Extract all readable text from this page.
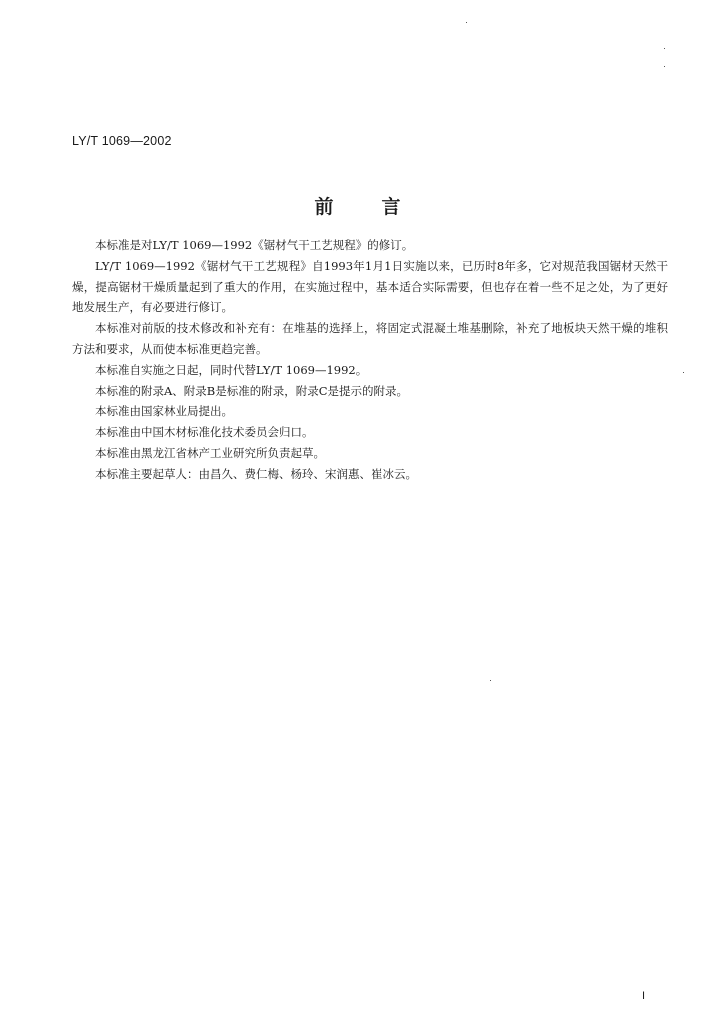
LY/T 1069—2002
前言

本标准是对LY/T 1069—1992《锯材气干工艺规程》的修订。

LY/T 1069—1992《锯材气干工艺规程》自1993年1月1日实施以来，已历时8年多，它对规范我国锯材天然干燥，提高锯材干燥质量起到了重大的作用，在实施过程中，基本适合实际需要，但也存在着一些不足之处，为了更好地发展生产，有必要进行修订。

本标准对前版的技术修改和补充有：在堆基的选择上，将固定式混凝土堆基删除，补充了地板块天然干燥的堆积方法和要求，从而使本标准更趋完善。

本标准自实施之日起，同时代替LY/T 1069—1992。

本标准的附录A、附录B是标准的附录，附录C是提示的附录。

本标准由国家林业局提出。

本标准由中国木材标准化技术委员会归口。

本标准由黑龙江省林产工业研究所负责起草。

本标准主要起草人：由昌久、费仁梅、杨玲、宋润惠、崔冰云。

I
